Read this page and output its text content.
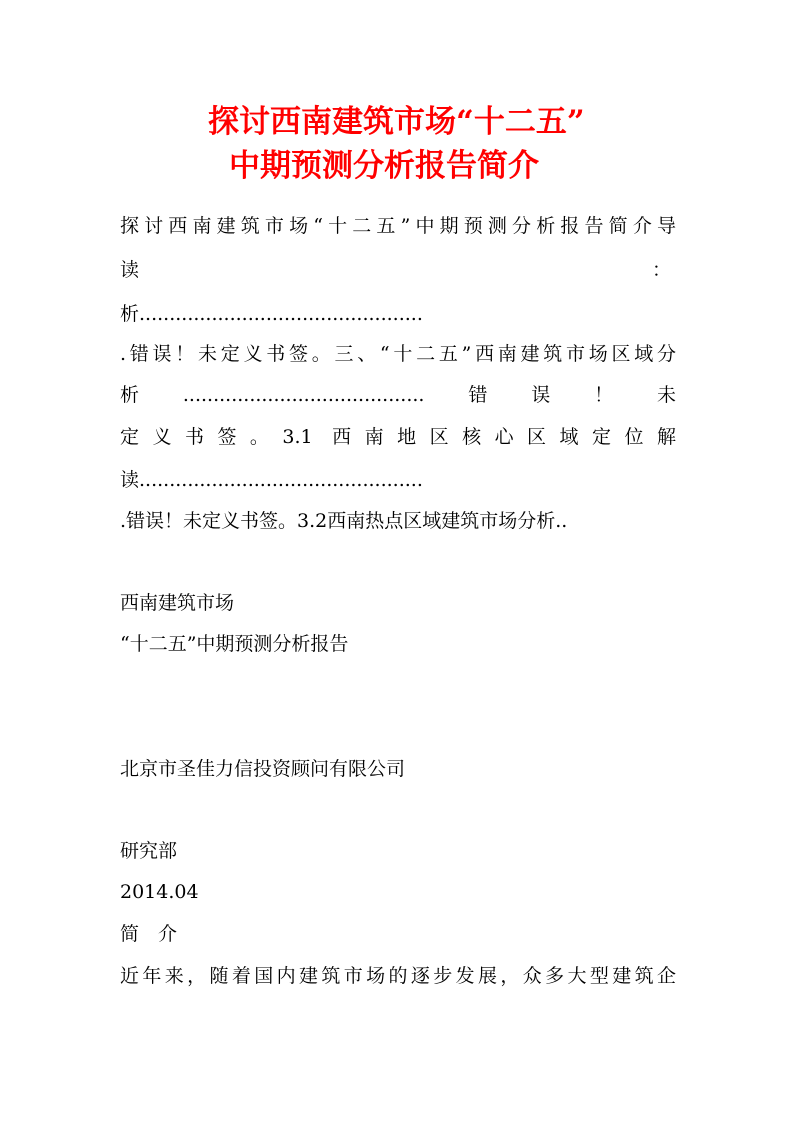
探讨西南建筑市场“十二五”
中期预测分析报告简介
探讨西南建筑市场“十二五”中期预测分析报告简介导
读	：
析...............................................
.错误！未定义书签。三、“十二五”西南建筑市场区域分
析........................................错误！未
定义书签。3.1 西南地区核心区域定位解
读...............................................
.错误！未定义书签。3.2西南热点区域建筑市场分析..
西南建筑市场
“十二五”中期预测分析报告
北京市圣佳力信投资顾问有限公司
研究部
2014.04
简　介
近年来，随着国内建筑市场的逐步发展，众多大型建筑企
